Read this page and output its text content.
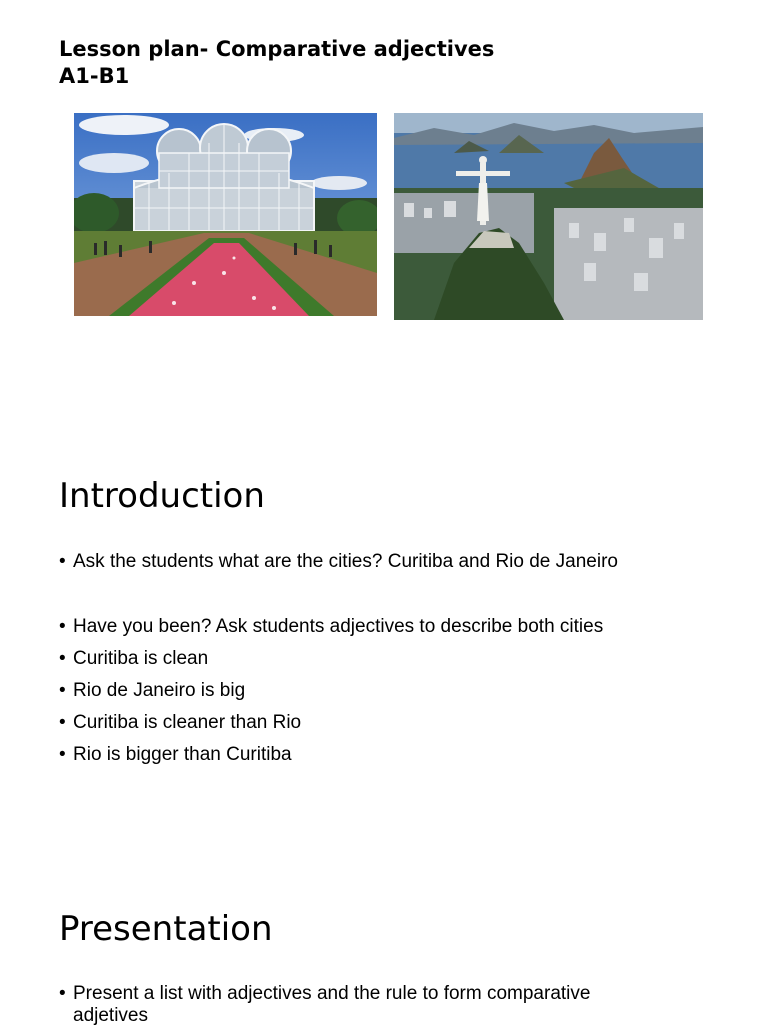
Lesson plan- Comparative adjectives
A1-B1
Introduction
• Ask the students what are the cities? Curitiba and Rio de Janeiro
• Have you been? Ask students adjectives to describe both cities
• Curitiba is clean
• Rio de Janeiro is big
• Curitiba is cleaner than Rio
• Rio is bigger than Curitiba
Presentation
• Present a list with adjectives and the rule to form comparative adjetives
